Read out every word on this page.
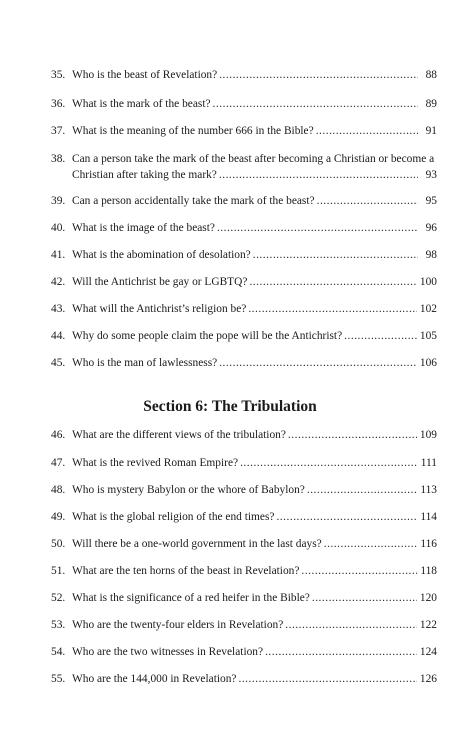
35. Who is the beast of Revelation? .....	88
36. What is the mark of the beast? .....	89
37. What is the meaning of the number 666 in the Bible? .....	91
38. Can a person take the mark of the beast after becoming a Christian or become a
Christian after taking the mark? .....	93
39. Can a person accidentally take the mark of the beast? .....	95
40. What is the image of the beast? .....	96
41. What is the abomination of desolation? .....	98
42. Will the Antichrist be gay or LGBTQ? .....	100
43. What will the Antichrist’s religion be? .....	102
44. Why do some people claim the pope will be the Antichrist? .....	105
45. Who is the man of lawlessness? .....	106
Section 6: The Tribulation
46. What are the different views of the tribulation? .....	109
47. What is the revived Roman Empire? .....	111
48. Who is mystery Babylon or the whore of Babylon? .....	113
49. What is the global religion of the end times? .....	114
50. Will there be a one-world government in the last days? .....	116
51. What are the ten horns of the beast in Revelation? .....	118
52. What is the significance of a red heifer in the Bible? .....	120
53. Who are the twenty-four elders in Revelation? .....	122
54. Who are the two witnesses in Revelation? .....	124
55. Who are the 144,000 in Revelation? .....	126
